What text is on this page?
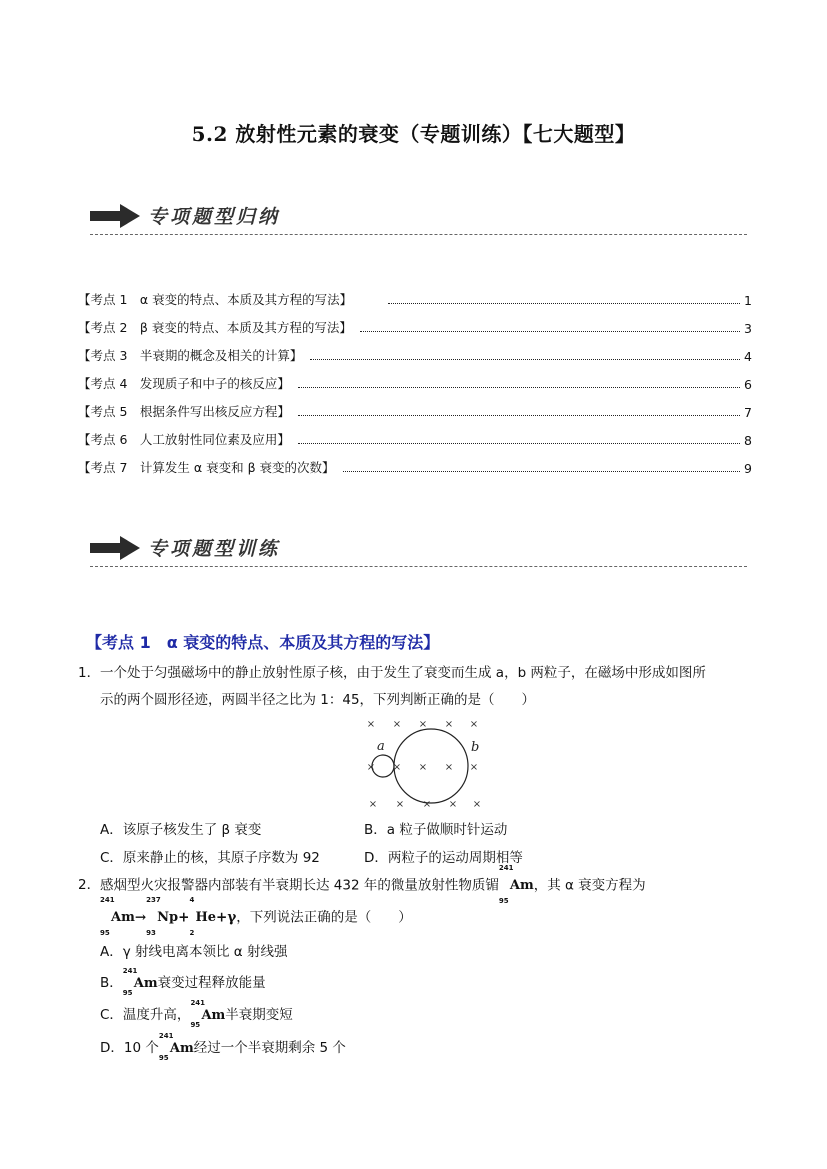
5.2 放射性元素的衰变（专题训练）【七大题型】
专项题型归纳
【考点 1　α 衰变的特点、本质及其方程的写法】	1
【考点 2　β 衰变的特点、本质及其方程的写法】	3
【考点 3　半衰期的概念及相关的计算】	4
【考点 4　发现质子和中子的核反应】	6
【考点 5　根据条件写出核反应方程】	7
【考点 6　人工放射性同位素及应用】	8
【考点 7　计算发生 α 衰变和 β 衰变的次数】	9
专项题型训练
【考点 1　α 衰变的特点、本质及其方程的写法】
1． 一个处于匀强磁场中的静止放射性原子核，由于发生了衰变而生成 a，b 两粒子，在磁场中形成如图所
示的两个圆形径迹，两圆半径之比为 1：45，下列判断正确的是（　　）
× × × × ×
× × × × ×
× × × × ×
a	b
A．该原子核发生了 β 衰变	B．a 粒子做顺时针运动
C．原来静止的核，其原子序数为 92	D．两粒子的运动周期相等
2． 感烟型火灾报警器内部装有半衰期长达 432 年的微量放射性物质镅
241
95
Am，其 α 衰变方程为
241
95
Am→
237
93
Np+
4
2
He+γ，下列说法正确的是（　　）
A．γ 射线电离本领比 α 射线强
B．
241
95
Am衰变过程释放能量
C．温度升高，
241
95
Am半衰期变短
D．10 个
241
95
Am经过一个半衰期剩余 5 个
